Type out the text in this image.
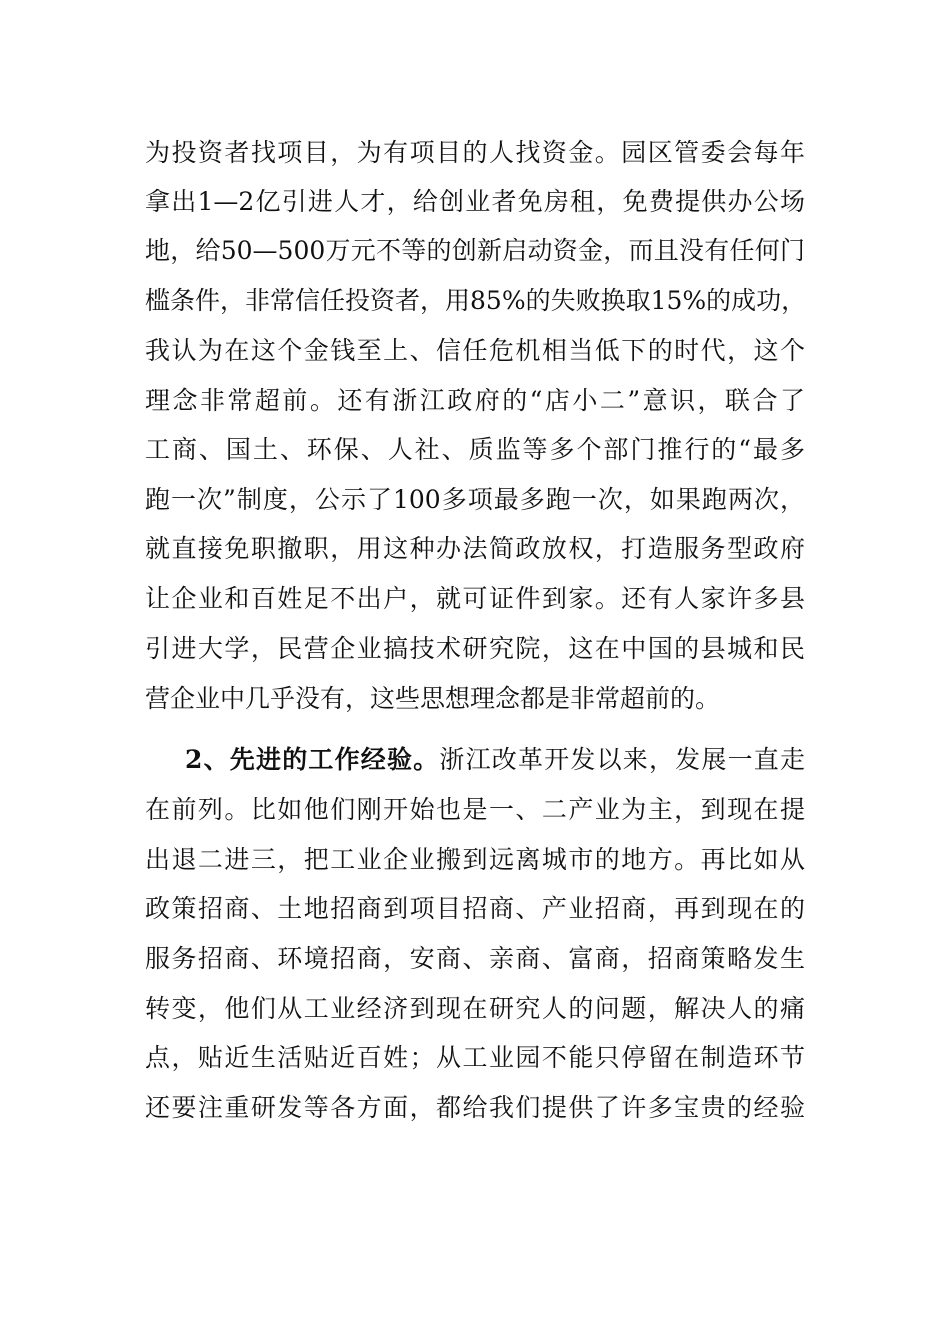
为投资者找项目，为有项目的人找资金。园区管委会每年
拿出1—2亿引进人才，给创业者免房租，免费提供办公场
地，给50—500万元不等的创新启动资金，而且没有任何门
槛条件，非常信任投资者，用85%的失败换取15%的成功，
我认为在这个金钱至上、信任危机相当低下的时代，这个
理念非常超前。还有浙江政府的“店小二”意识，联合了
工商、国土、环保、人社、质监等多个部门推行的“最多
跑一次”制度，公示了100多项最多跑一次，如果跑两次，
就直接免职撤职，用这种办法简政放权，打造服务型政府
让企业和百姓足不出户，就可证件到家。还有人家许多县
引进大学，民营企业搞技术研究院，这在中国的县城和民
营企业中几乎没有，这些思想理念都是非常超前的。
2、先进的工作经验。浙江改革开发以来，发展一直走
在前列。比如他们刚开始也是一、二产业为主，到现在提
出退二进三，把工业企业搬到远离城市的地方。再比如从
政策招商、土地招商到项目招商、产业招商，再到现在的
服务招商、环境招商，安商、亲商、富商，招商策略发生
转变，他们从工业经济到现在研究人的问题，解决人的痛
点，贴近生活贴近百姓；从工业园不能只停留在制造环节
还要注重研发等各方面，都给我们提供了许多宝贵的经验
